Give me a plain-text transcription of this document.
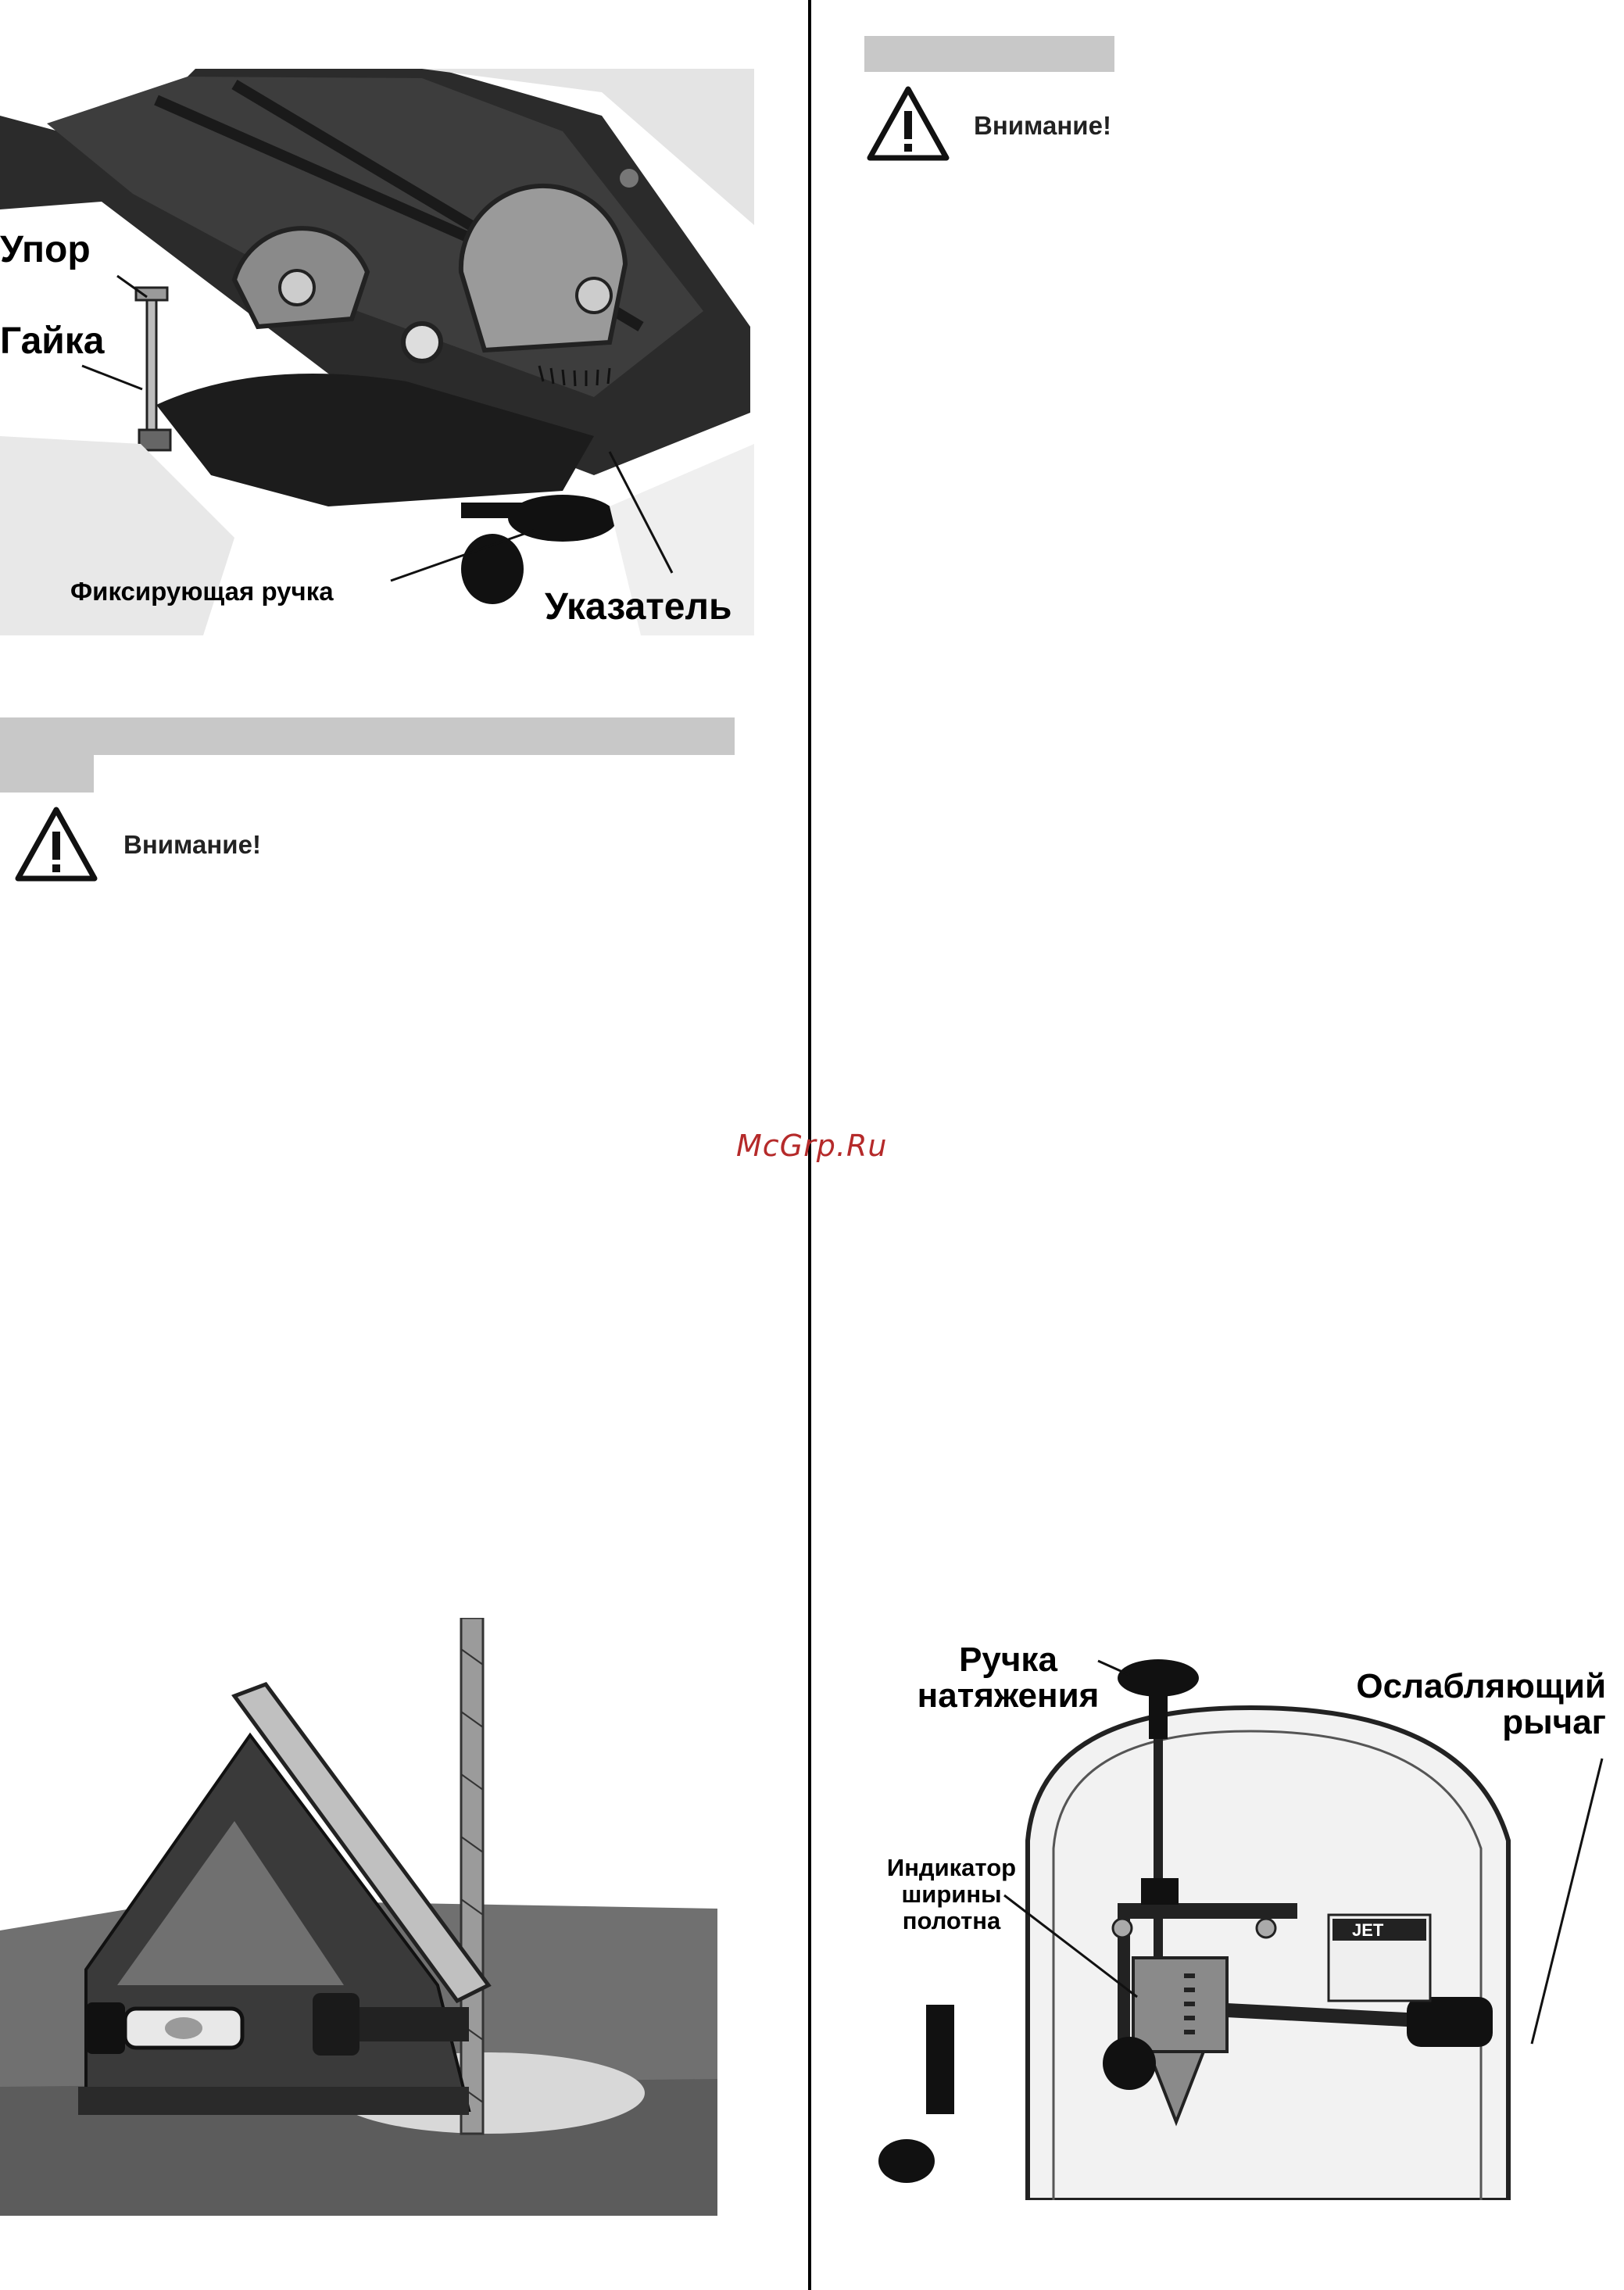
Упор
Гайка
Фиксирующая ручка	Указатель
Внимание!
McGrp.Ru
Внимание!
JET
Ручка натяжения	Ослабляющий рычаг
Индикатор ширины полотна
